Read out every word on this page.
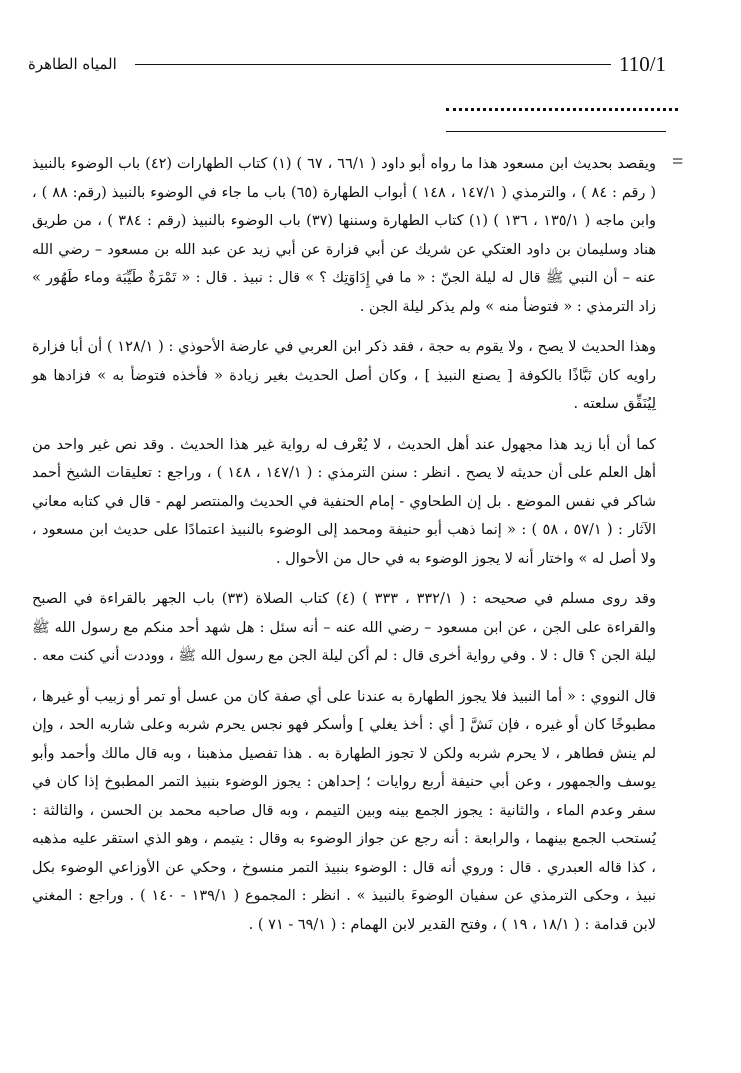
110/1
المياه الطاهرة
=

ويقصد بحديث ابن مسعود هذا ما رواه أبو داود ( ٦٦/١ ، ٦٧ ) (١) كتاب الطهارات (٤٢) باب الوضوء بالنبيذ ( رقم : ٨٤ ) ، والترمذي ( ١٤٧/١ ، ١٤٨ ) أبواب الطهارة (٦٥) باب ما جاء في الوضوء بالنبيذ (رقم: ٨٨ ) ، وابن ماجه ( ١٣٥/١ ، ١٣٦ ) (١) كتاب الطهارة وسننها (٣٧) باب الوضوء بالنبيذ (رقم : ٣٨٤ ) ، من طريق هناد وسليمان بن داود العتكي عن شريك عن أبي فزارة عن أبي زيد عن عبد الله بن مسعود – رضي الله عنه – أن النبي ﷺ قال له ليلة الجنّ : « ما في إِدَاوَتِك ؟ » قال : نبيذ . قال : « تَمْرَةٌ طَيِّبَة وماء طَهُور » زاد الترمذي : « فتوضأ منه » ولم يذكر ليلة الجن .

وهذا الحديث لا يصح ، ولا يقوم به حجة ، فقد ذكر ابن العربي في عارضة الأحوذي : ( ١٢٨/١ ) أن أبا فزارة راويه كان نَبَّاذًا بالكوفة [ يصنع النبيذ ] ، وكان أصل الحديث بغير زيادة « فأخذه فتوضأ به » فزادها هو لِيُنَفِّق سلعته .

كما أن أبا زيد هذا مجهول عند أهل الحديث ، لا يُعْرف له رواية غير هذا الحديث . وقد نص غير واحد من أهل العلم على أن حديثه لا يصح . انظر : سنن الترمذي : ( ١٤٧/١ ، ١٤٨ ) ، وراجع : تعليقات الشيخ أحمد شاكر في نفس الموضع . بل إن الطحاوي - إمام الحنفية في الحديث والمنتصر لهم - قال في كتابه معاني الآثار : ( ٥٧/١ ، ٥٨ ) : « إنما ذهب أبو حنيفة ومحمد إلى الوضوء بالنبيذ اعتمادًا على حديث ابن مسعود ، ولا أصل له » واختار أنه لا يجوز الوضوء به في حال من الأحوال .

وقد روى مسلم في صحيحه : ( ٣٣٢/١ ، ٣٣٣ ) (٤) كتاب الصلاة (٣٣) باب الجهر بالقراءة في الصبح والقراءة على الجن ، عن ابن مسعود – رضي الله عنه – أنه سئل : هل شهد أحد منكم مع رسول الله ﷺ ليلة الجن ؟ قال : لا . وفي رواية أخرى قال : لم أكن ليلة الجن مع رسول الله ﷺ ، ووددت أني كنت معه .

قال النووي : « أما النبيذ فلا يجوز الطهارة به عندنا على أي صفة كان من عسل أو تمر أو زبيب أو غيرها ، مطبوخًا كان أو غيره ، فإن نَشَّ [ أي : أخذ يغلي ] وأسكر فهو نجس يحرم شربه وعلى شاربه الحد ، وإن لم ينش فطاهر ، لا يحرم شربه ولكن لا تجوز الطهارة به . هذا تفصيل مذهبنا ، وبه قال مالك وأحمد وأبو يوسف والجمهور ، وعن أبي حنيفة أربع روايات ؛ إحداهن : يجوز الوضوء بنبيذ التمر المطبوخ إذا كان في سفر وعدم الماء ، والثانية : يجوز الجمع بينه وبين التيمم ، وبه قال صاحبه محمد بن الحسن ، والثالثة : يُستحب الجمع بينهما ، والرابعة : أنه رجع عن جواز الوضوء به وقال : يتيمم ، وهو الذي استقر عليه مذهبه ، كذا قاله العبدري . قال : وروي أنه قال : الوضوء بنبيذ التمر منسوخ ، وحكي عن الأوزاعي الوضوء بكل نبيذ ، وحكى الترمذي عن سفيان الوضوءَ بالنبيذ » . انظر : المجموع ( ١٣٩/١ - ١٤٠ ) . وراجع : المغني لابن قدامة : ( ١٨/١ ، ١٩ ) ، وفتح القدير لابن الهمام : ( ٦٩/١ - ٧١ ) .
